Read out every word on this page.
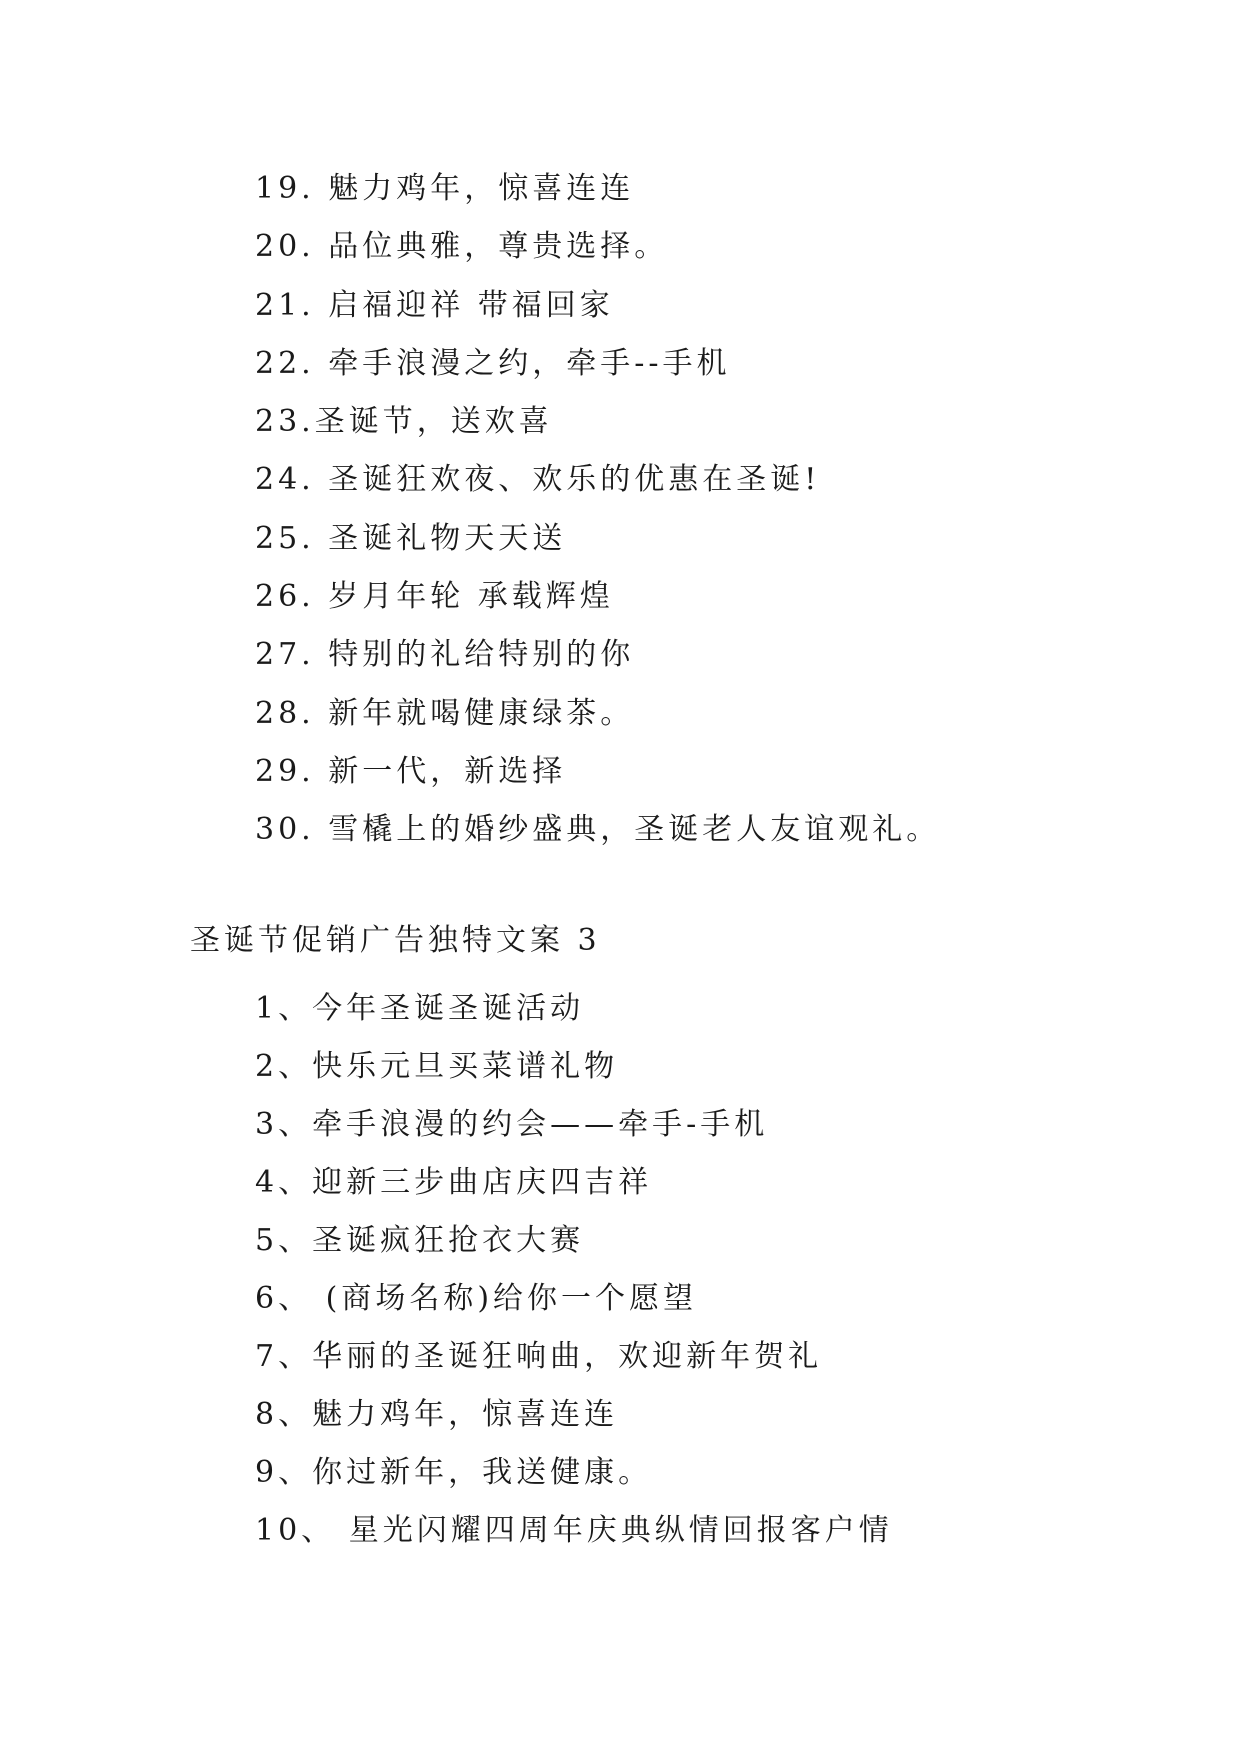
19. 魅力鸡年，惊喜连连
20. 品位典雅，尊贵选择。
21. 启福迎祥 带福回家
22. 牵手浪漫之约，牵手--手机
23.圣诞节，送欢喜
24. 圣诞狂欢夜、欢乐的优惠在圣诞!
25. 圣诞礼物天天送
26. 岁月年轮 承载辉煌
27. 特别的礼给特别的你
28. 新年就喝健康绿茶。
29. 新一代，新选择
30. 雪橇上的婚纱盛典，圣诞老人友谊观礼。
圣诞节促销广告独特文案 3
1、今年圣诞圣诞活动
2、快乐元旦买菜谱礼物
3、牵手浪漫的约会——牵手-手机
4、迎新三步曲店庆四吉祥
5、圣诞疯狂抢衣大赛
6、 (商场名称)给你一个愿望
7、华丽的圣诞狂响曲，欢迎新年贺礼
8、魅力鸡年，惊喜连连
9、你过新年，我送健康。
10、 星光闪耀四周年庆典纵情回报客户情
